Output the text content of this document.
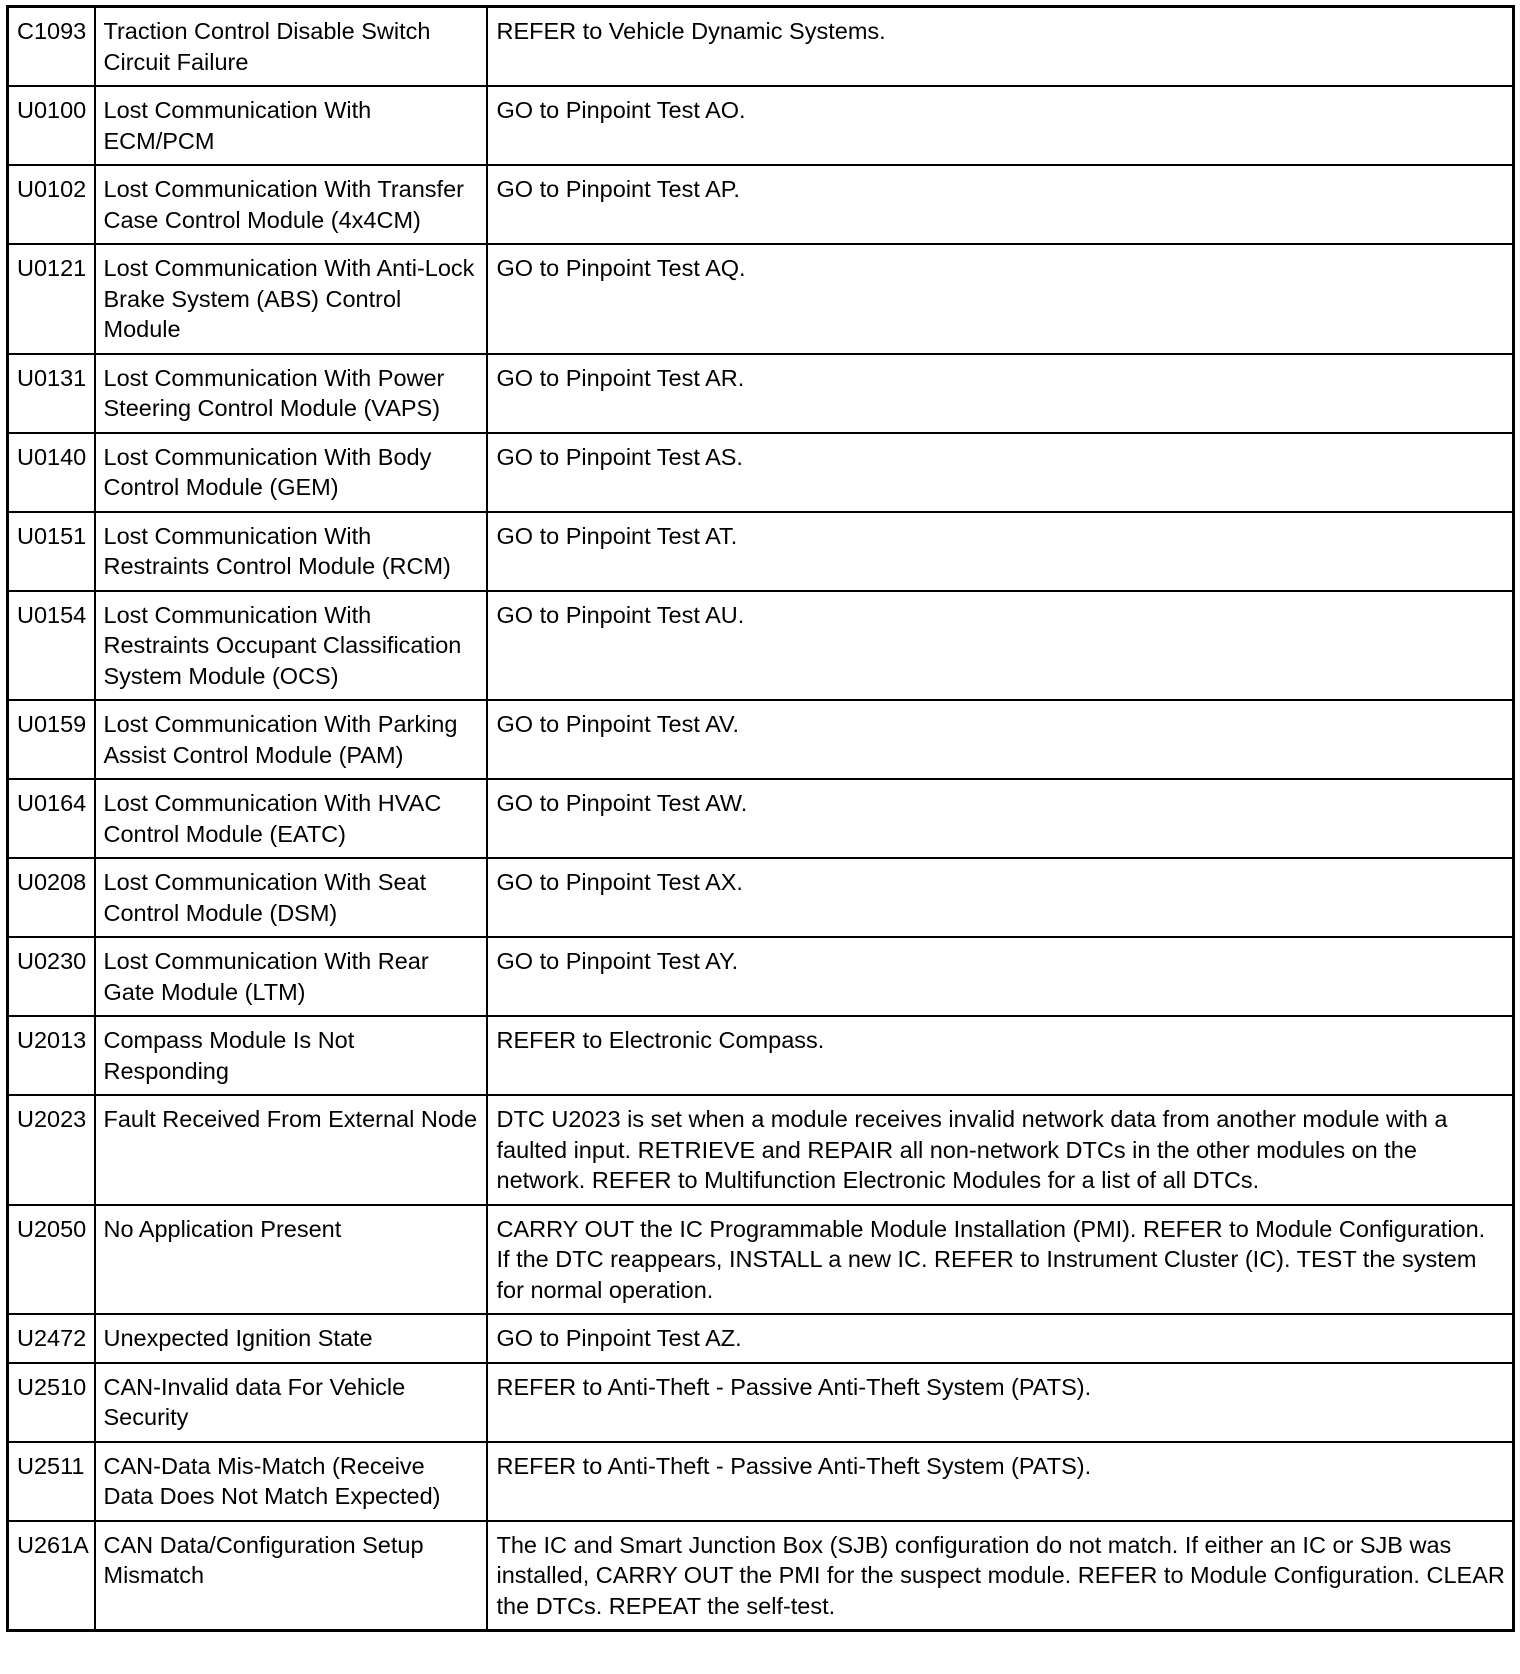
C1093	Traction Control Disable Switch Circuit Failure	REFER to Vehicle Dynamic Systems.

U0100	Lost Communication With ECM/PCM	GO to Pinpoint Test AO.

U0102	Lost Communication With Transfer Case Control Module (4x4CM)	GO to Pinpoint Test AP.

U0121	Lost Communication With Anti-Lock Brake System (ABS) Control Module	GO to Pinpoint Test AQ.

U0131	Lost Communication With Power Steering Control Module (VAPS)	GO to Pinpoint Test AR.

U0140	Lost Communication With Body Control Module (GEM)	GO to Pinpoint Test AS.

U0151	Lost Communication With Restraints Control Module (RCM)	GO to Pinpoint Test AT.

U0154	Lost Communication With Restraints Occupant Classification System Module (OCS)	GO to Pinpoint Test AU.

U0159	Lost Communication With Parking Assist Control Module (PAM)	GO to Pinpoint Test AV.

U0164	Lost Communication With HVAC Control Module (EATC)	GO to Pinpoint Test AW.

U0208	Lost Communication With Seat Control Module (DSM)	GO to Pinpoint Test AX.

U0230	Lost Communication With Rear Gate Module (LTM)	GO to Pinpoint Test AY.

U2013	Compass Module Is Not Responding	REFER to Electronic Compass.

U2023	Fault Received From External Node	DTC U2023 is set when a module receives invalid network data from another module with a faulted input. RETRIEVE and REPAIR all non-network DTCs in the other modules on the network. REFER to Multifunction Electronic Modules for a list of all DTCs.

U2050	No Application Present	CARRY OUT the IC Programmable Module Installation (PMI). REFER to Module Configuration.
If the DTC reappears, INSTALL a new IC. REFER to Instrument Cluster (IC). TEST the system for normal operation.

U2472	Unexpected Ignition State	GO to Pinpoint Test AZ.

U2510	CAN-Invalid data For Vehicle Security	REFER to Anti-Theft - Passive Anti-Theft System (PATS).

U2511	CAN-Data Mis-Match (Receive Data Does Not Match Expected)	REFER to Anti-Theft - Passive Anti-Theft System (PATS).

U261A	CAN Data/Configuration Setup Mismatch	The IC and Smart Junction Box (SJB) configuration do not match. If either an IC or SJB was installed, CARRY OUT the PMI for the suspect module. REFER to Module Configuration. CLEAR the DTCs. REPEAT the self-test.
